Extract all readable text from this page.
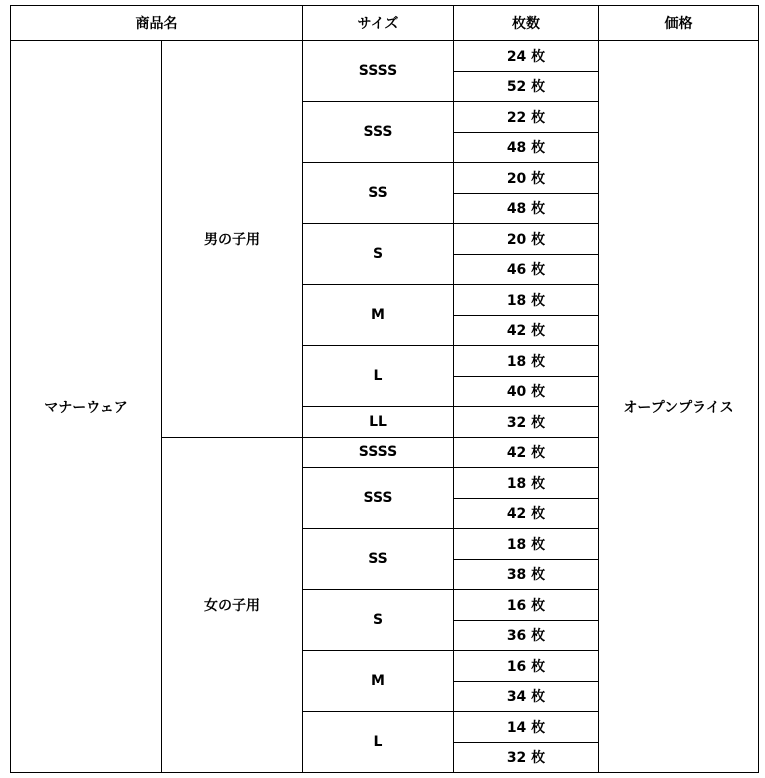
商品名		サイズ	枚数	価格
マナーウェア	男の子用	SSSS	24 枚	オープンプライス
			52 枚	
		SSS	22 枚	
			48 枚	
		SS	20 枚	
			48 枚	
		S	20 枚	
			46 枚	
		M	18 枚	
			42 枚	
		L	18 枚	
			40 枚	
		LL	32 枚	
	女の子用	SSSS	42 枚	
		SSS	18 枚	
			42 枚	
		SS	18 枚	
			38 枚	
		S	16 枚	
			36 枚	
		M	16 枚	
			34 枚	
		L	14 枚	
			32 枚	
